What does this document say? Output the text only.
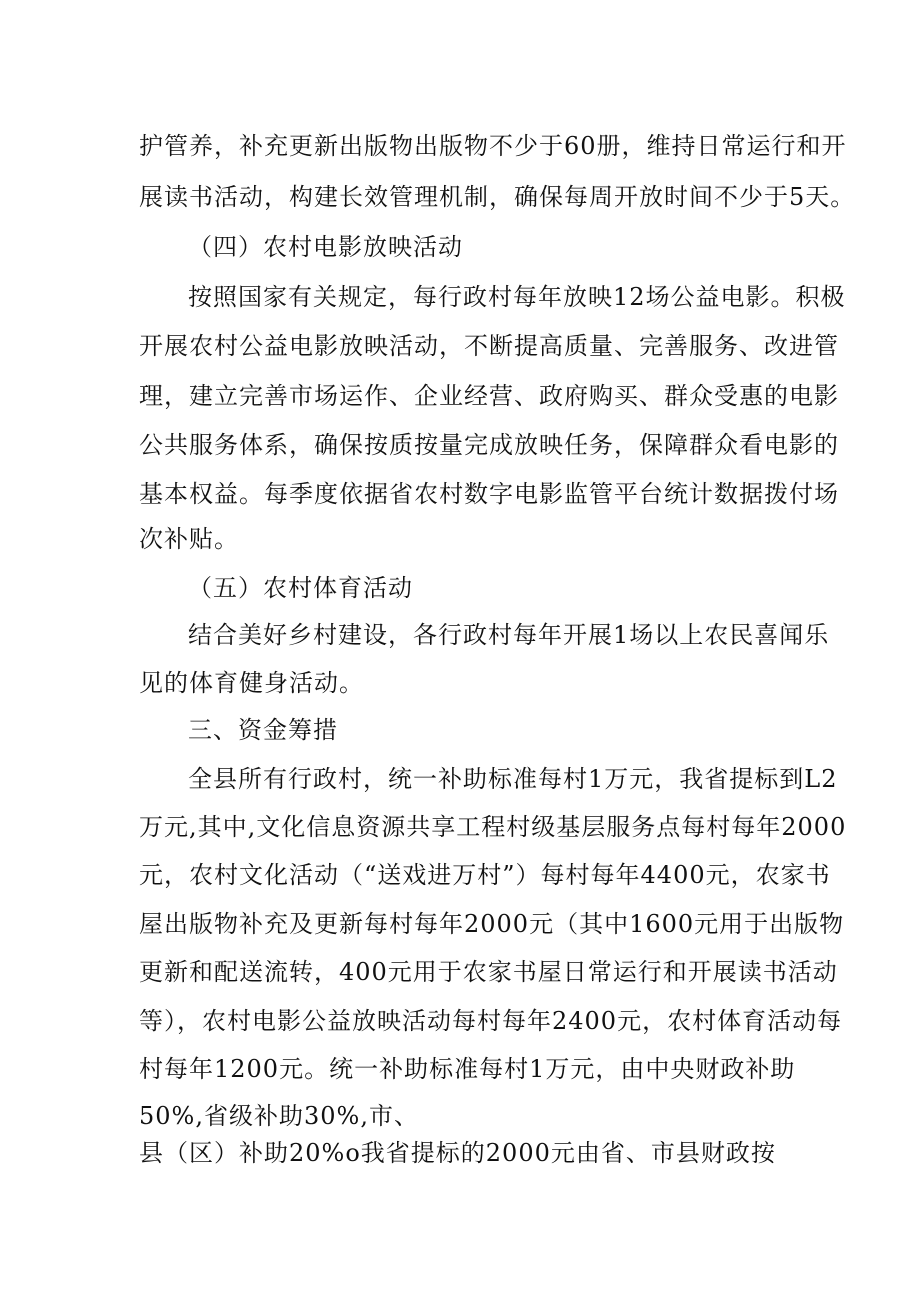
护管养，补充更新出版物出版物不少于60册，维持日常运行和开
展读书活动，构建长效管理机制，确保每周开放时间不少于5天。
（四）农村电影放映活动
按照国家有关规定，每行政村每年放映12场公益电影。积极
开展农村公益电影放映活动，不断提高质量、完善服务、改进管
理，建立完善市场运作、企业经营、政府购买、群众受惠的电影
公共服务体系，确保按质按量完成放映任务，保障群众看电影的
基本权益。每季度依据省农村数字电影监管平台统计数据拨付场
次补贴。
（五）农村体育活动
结合美好乡村建设，各行政村每年开展1场以上农民喜闻乐
见的体育健身活动。
三、资金筹措
全县所有行政村，统一补助标准每村1万元，我省提标到L2
万元,其中,文化信息资源共享工程村级基层服务点每村每年2000
元，农村文化活动（“送戏进万村”）每村每年4400元，农家书
屋出版物补充及更新每村每年2000元（其中1600元用于出版物
更新和配送流转，400元用于农家书屋日常运行和开展读书活动
等），农村电影公益放映活动每村每年2400元，农村体育活动每
村每年1200元。统一补助标准每村1万元，由中央财政补助
50%,省级补助30%,市、
县（区）补助20%o我省提标的2000元由省、市县财政按
